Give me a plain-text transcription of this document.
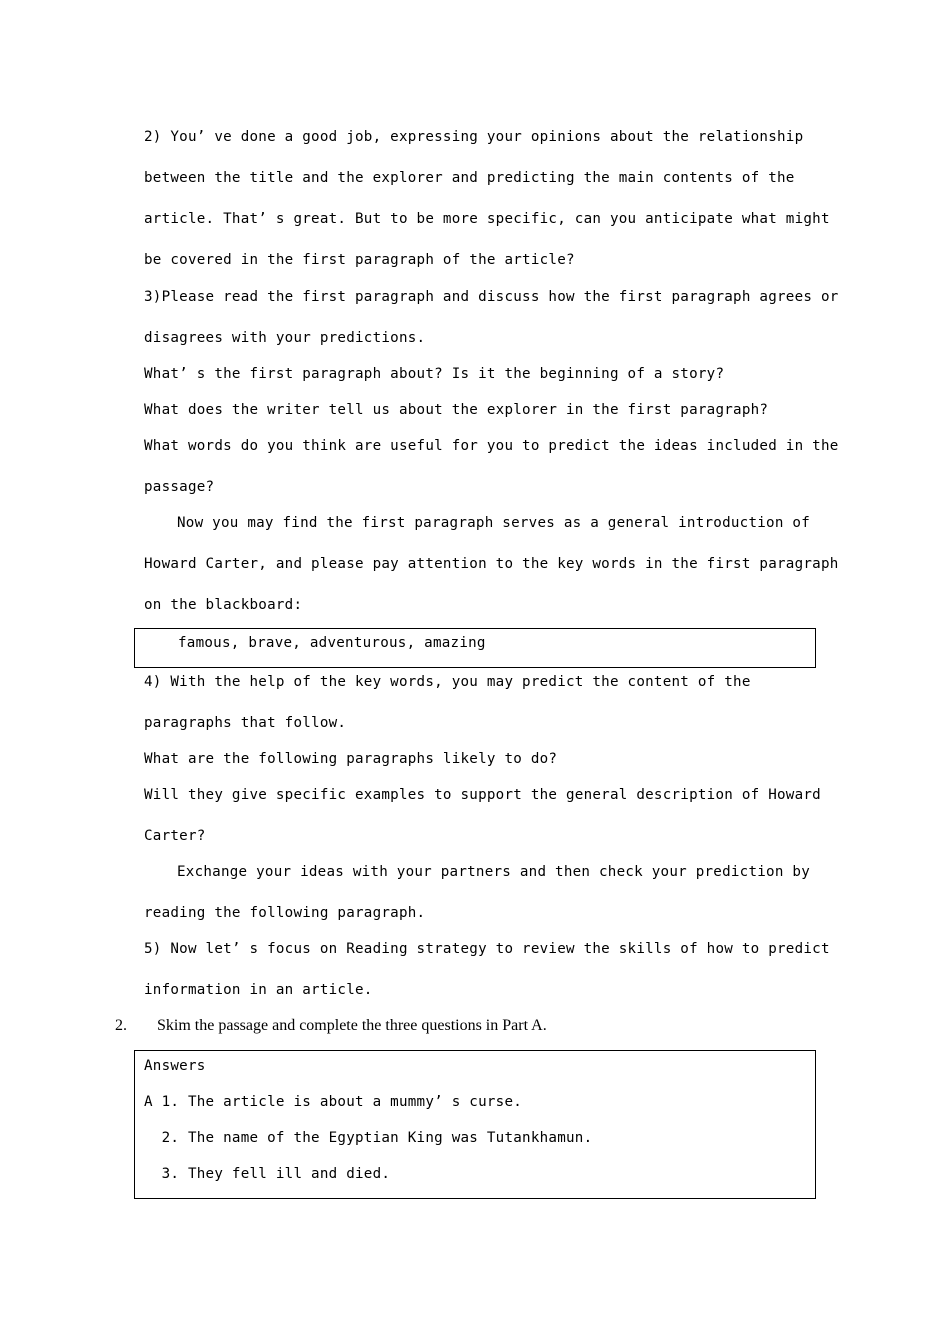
2) You’ ve done a good job, expressing your opinions about the relationship
between the title and the explorer and predicting the main contents of the
article. That’ s great. But to be more specific, can you anticipate what might
be covered in the first paragraph of the article?
3)Please read the first paragraph and discuss how the first paragraph agrees or
disagrees with your predictions.
What’ s the first paragraph about? Is it the beginning of a story?
What does the writer tell us about the explorer in the first paragraph?
What words do you think are useful for you to predict the ideas included in the
passage?
Now you may find the first paragraph serves as a general introduction of
Howard Carter, and please pay attention to the key words in the first paragraph
on the blackboard:
famous, brave, adventurous, amazing
4) With the help of the key words, you may predict the content of the
paragraphs that follow.
What are the following paragraphs likely to do?
Will they give specific examples to support the general description of Howard
Carter?
Exchange your ideas with your partners and then check your prediction by
reading the following paragraph.
5) Now let’ s focus on Reading strategy to review the skills of how to predict
information in an article.
2. Skim the passage and complete the three questions in Part A.
Answers
A 1. The article is about a mummy’ s curse.
2. The name of the Egyptian King was Tutankhamun.
3. They fell ill and died.
